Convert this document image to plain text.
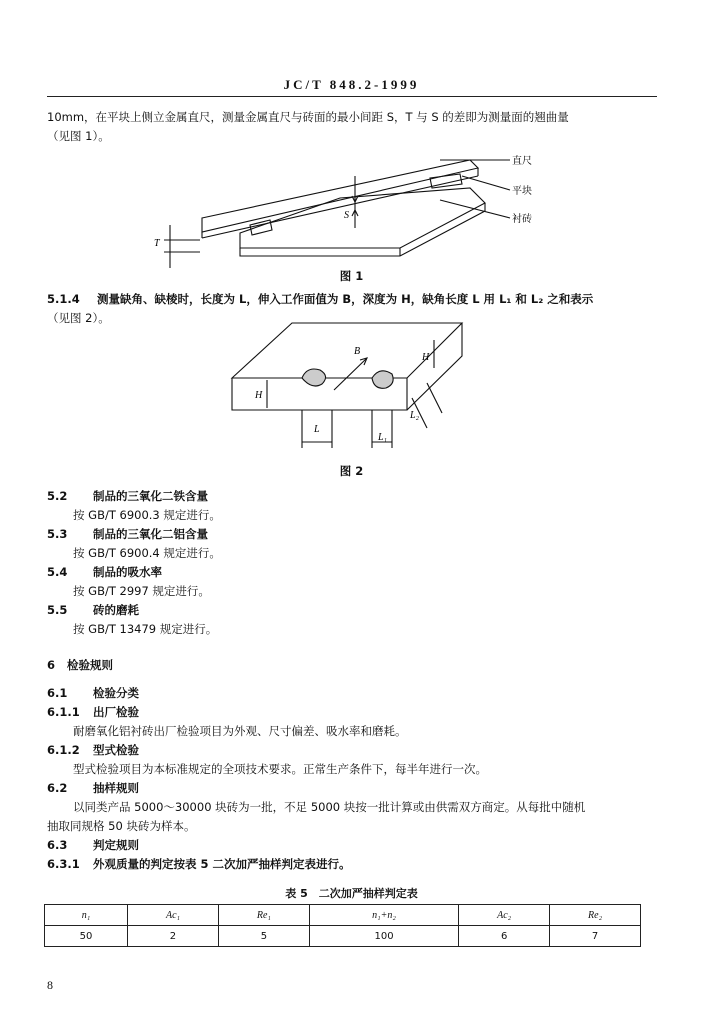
JC/T 848.2-1999
10mm，在平块上侧立金属直尺，测量金属直尺与砖面的最小间距 S，T 与 S 的差即为测量面的翘曲量
（见图 1）。
直尺
平块
衬砖
S
T
图 1
5.1.4 测量缺角、缺棱时，长度为 L，伸入工作面值为 B，深度为 H，缺角长度 L 用 L₁ 和 L₂ 之和表示
（见图 2）。
B
H
H
L
L₁
L₂
图 2
5.2 制品的三氧化二铁含量
按 GB/T 6900.3 规定进行。
5.3 制品的三氧化二铝含量
按 GB/T 6900.4 规定进行。
5.4 制品的吸水率
按 GB/T 2997 规定进行。
5.5 砖的磨耗
按 GB/T 13479 规定进行。
6 检验规则
6.1 检验分类
6.1.1 出厂检验
耐磨氧化铝衬砖出厂检验项目为外观、尺寸偏差、吸水率和磨耗。
6.1.2 型式检验
型式检验项目为本标准规定的全项技术要求。正常生产条件下，每半年进行一次。
6.2 抽样规则
以同类产品 5000～30000 块砖为一批，不足 5000 块按一批计算或由供需双方商定。从每批中随机
抽取同规格 50 块砖为样本。
6.3 判定规则
6.3.1 外观质量的判定按表 5 二次加严抽样判定表进行。
表 5　二次加严抽样判定表
n₁	Ac₁	Re₁	n₁+n₂	Ac₂	Re₂
50	2	5	100	6	7
8
